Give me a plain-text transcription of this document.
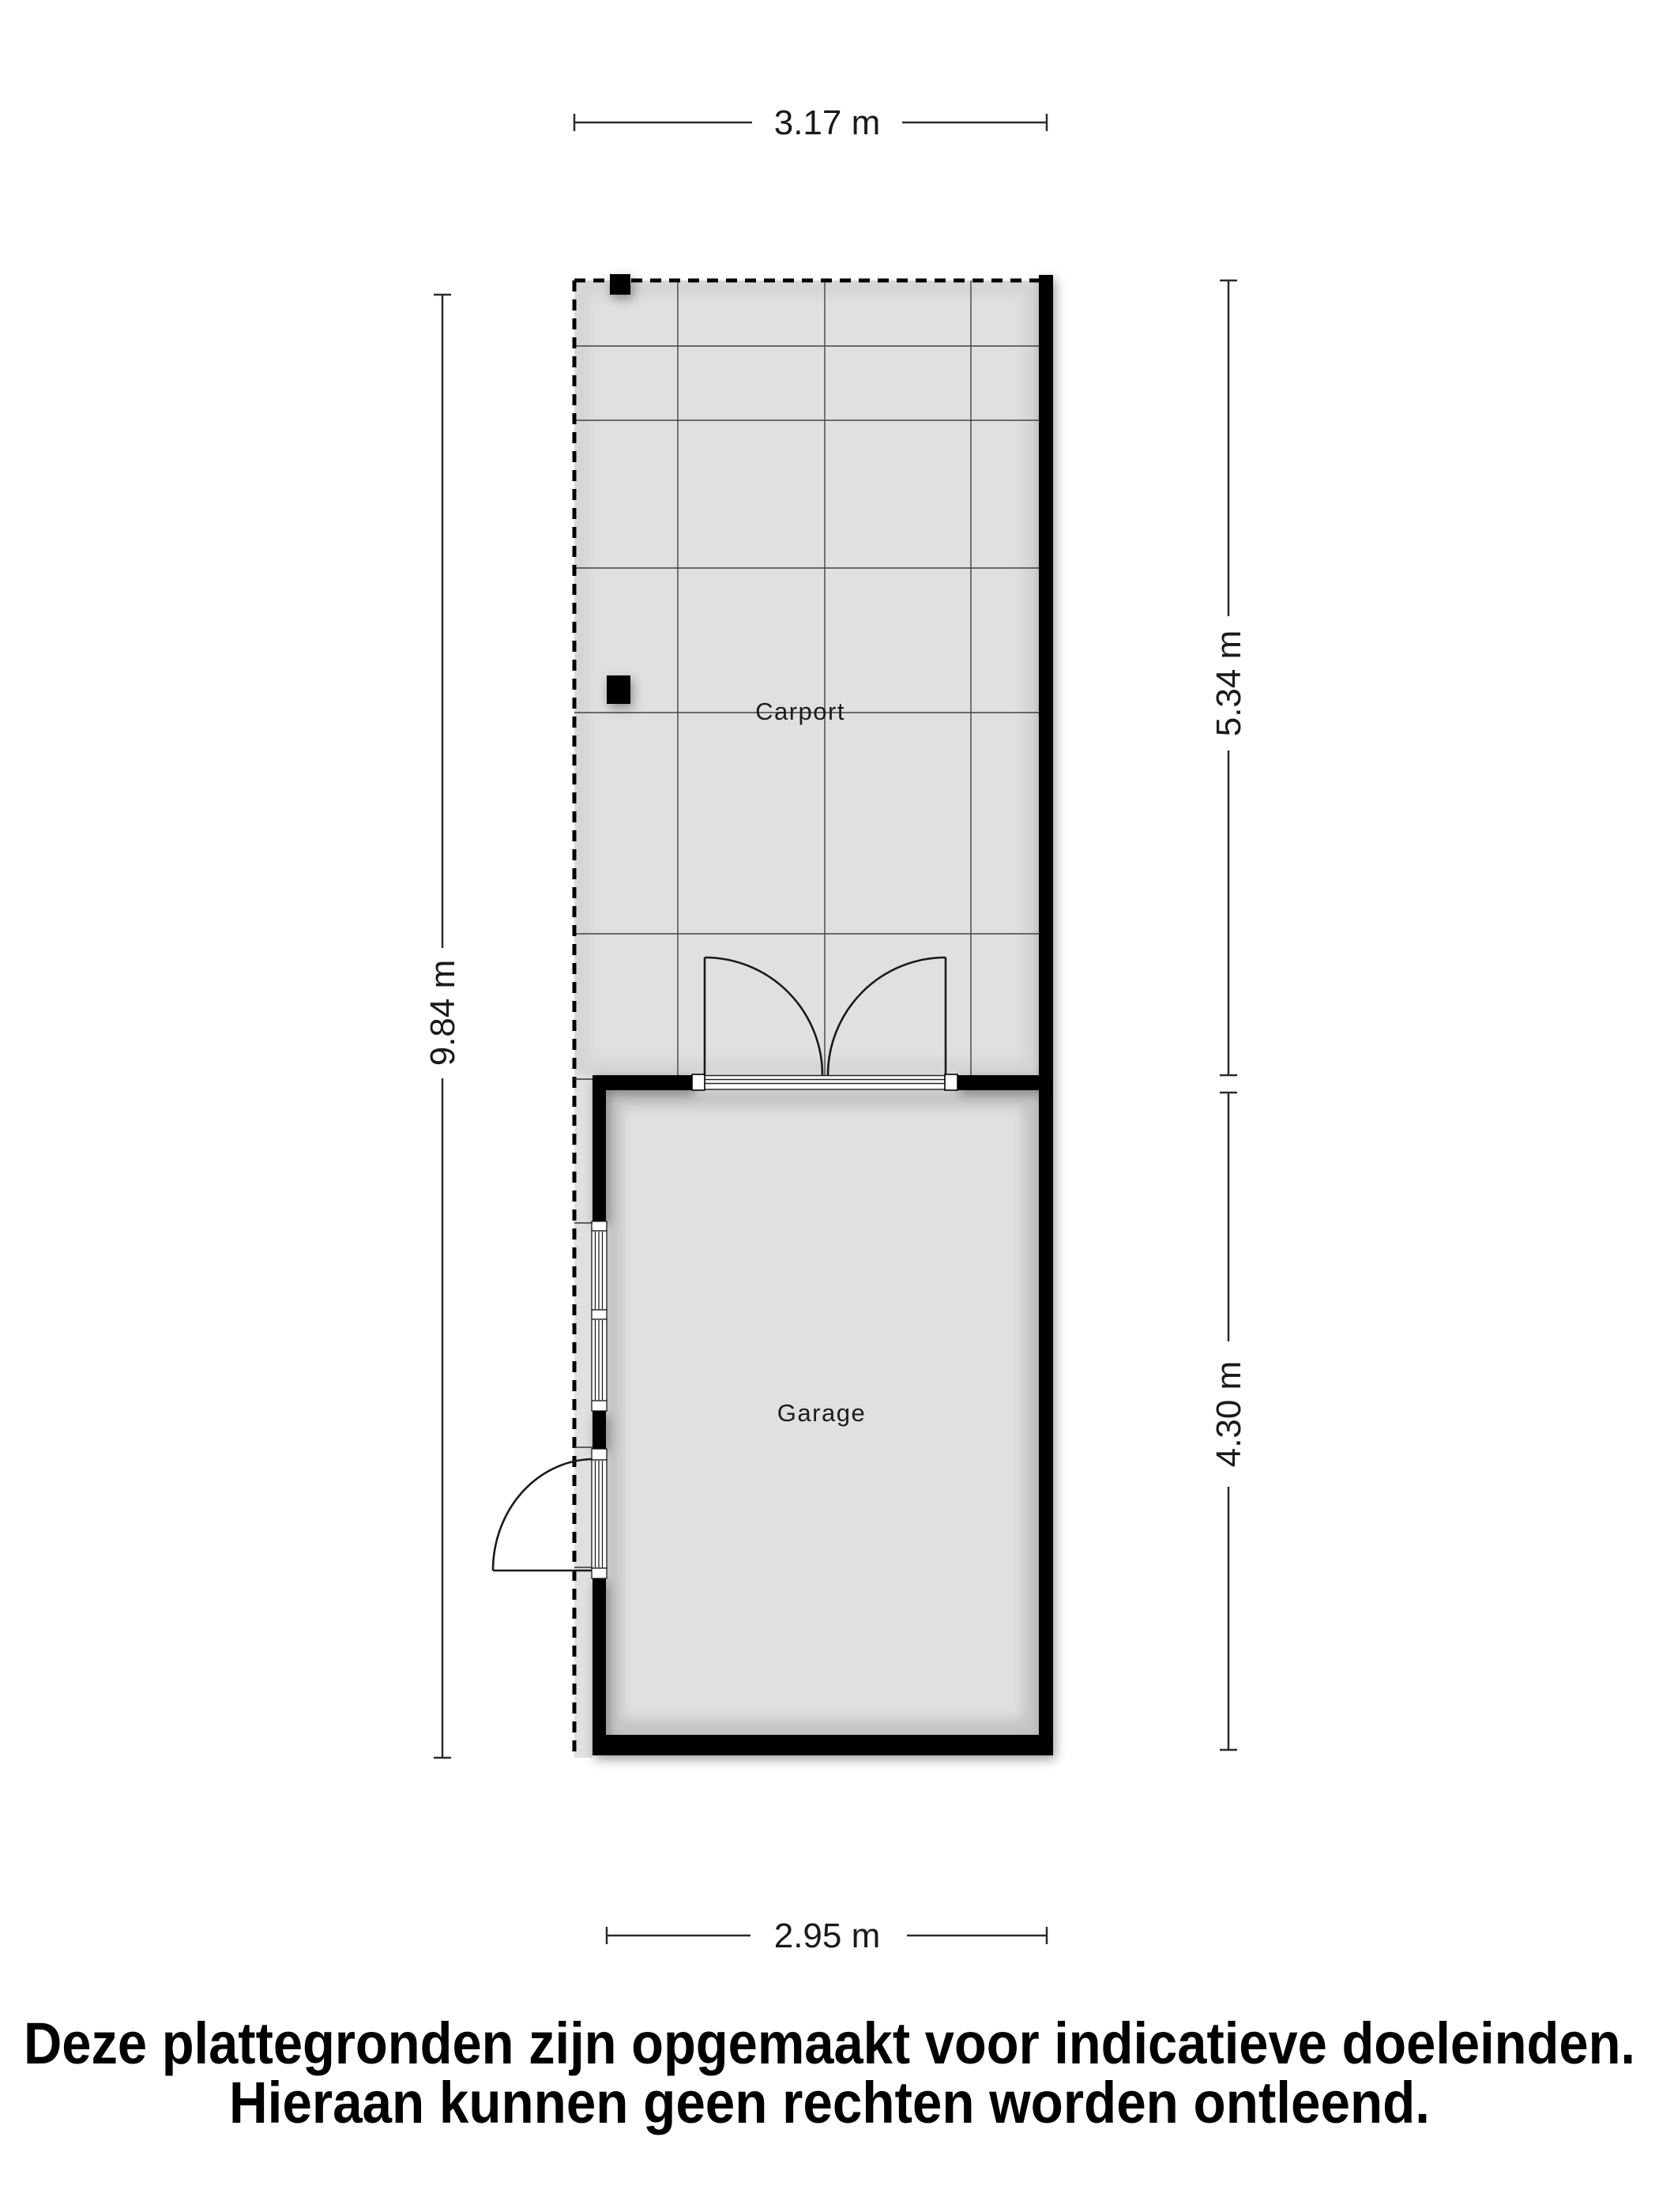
3.17 m
9.84 m
5.34 m
4.30 m
2.95 m
Carport
Garage
Deze plattegronden zijn opgemaakt voor indicatieve doeleinden.
Hieraan kunnen geen rechten worden ontleend.
